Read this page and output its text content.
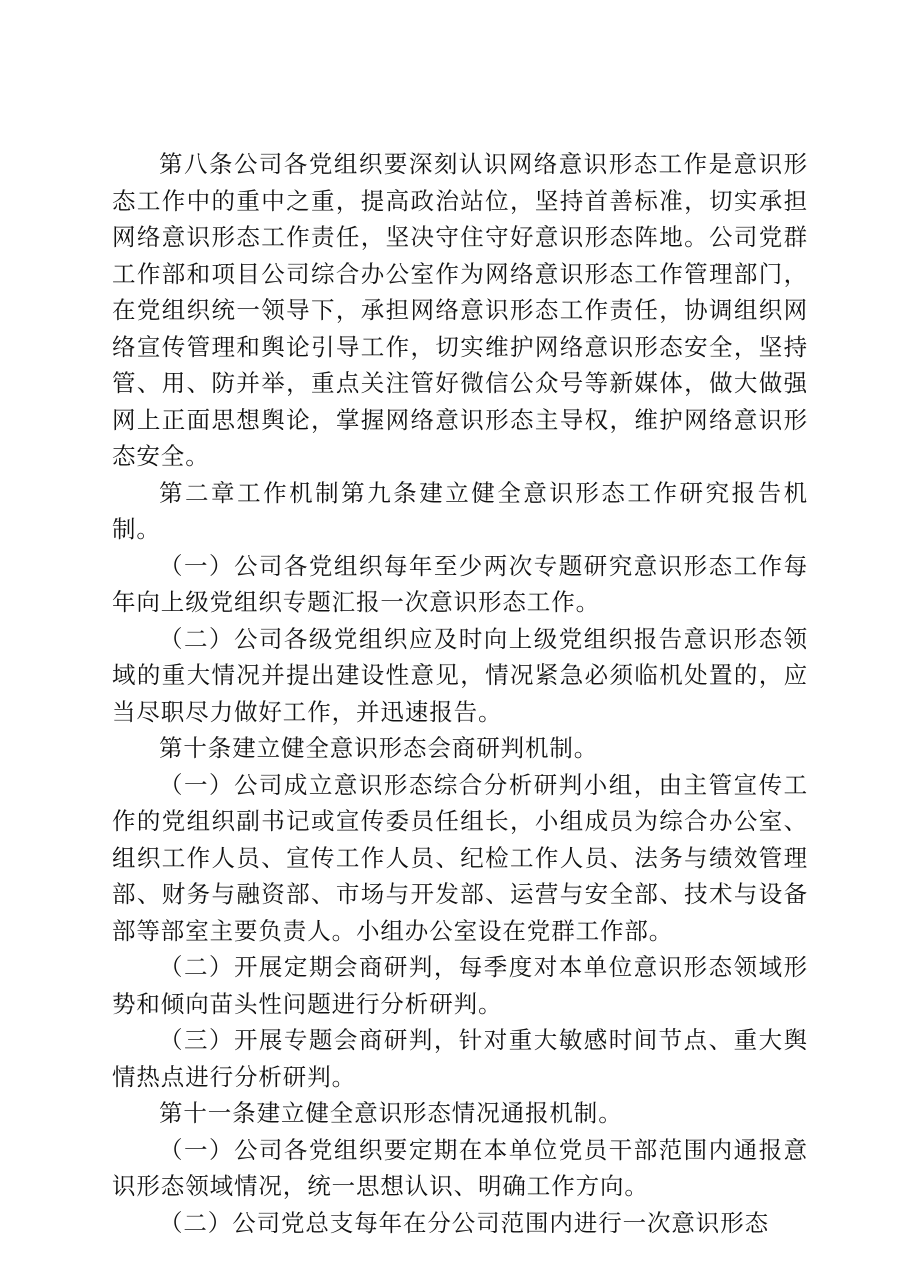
第八条公司各党组织要深刻认识网络意识形态工作是意识形态工作中的重中之重，提高政治站位，坚持首善标准，切实承担网络意识形态工作责任，坚决守住守好意识形态阵地。公司党群工作部和项目公司综合办公室作为网络意识形态工作管理部门，在党组织统一领导下，承担网络意识形态工作责任，协调组织网络宣传管理和舆论引导工作，切实维护网络意识形态安全，坚持管、用、防并举，重点关注管好微信公众号等新媒体，做大做强网上正面思想舆论，掌握网络意识形态主导权，维护网络意识形态安全。

第二章工作机制第九条建立健全意识形态工作研究报告机制。

（一）公司各党组织每年至少两次专题研究意识形态工作每年向上级党组织专题汇报一次意识形态工作。

（二）公司各级党组织应及时向上级党组织报告意识形态领域的重大情况并提出建设性意见，情况紧急必须临机处置的，应当尽职尽力做好工作，并迅速报告。

第十条建立健全意识形态会商研判机制。

（一）公司成立意识形态综合分析研判小组，由主管宣传工作的党组织副书记或宣传委员任组长，小组成员为综合办公室、组织工作人员、宣传工作人员、纪检工作人员、法务与绩效管理部、财务与融资部、市场与开发部、运营与安全部、技术与设备部等部室主要负责人。小组办公室设在党群工作部。

（二）开展定期会商研判，每季度对本单位意识形态领域形势和倾向苗头性问题进行分析研判。

（三）开展专题会商研判，针对重大敏感时间节点、重大舆情热点进行分析研判。

第十一条建立健全意识形态情况通报机制。

（一）公司各党组织要定期在本单位党员干部范围内通报意识形态领域情况，统一思想认识、明确工作方向。

（二）公司党总支每年在分公司范围内进行一次意识形态
